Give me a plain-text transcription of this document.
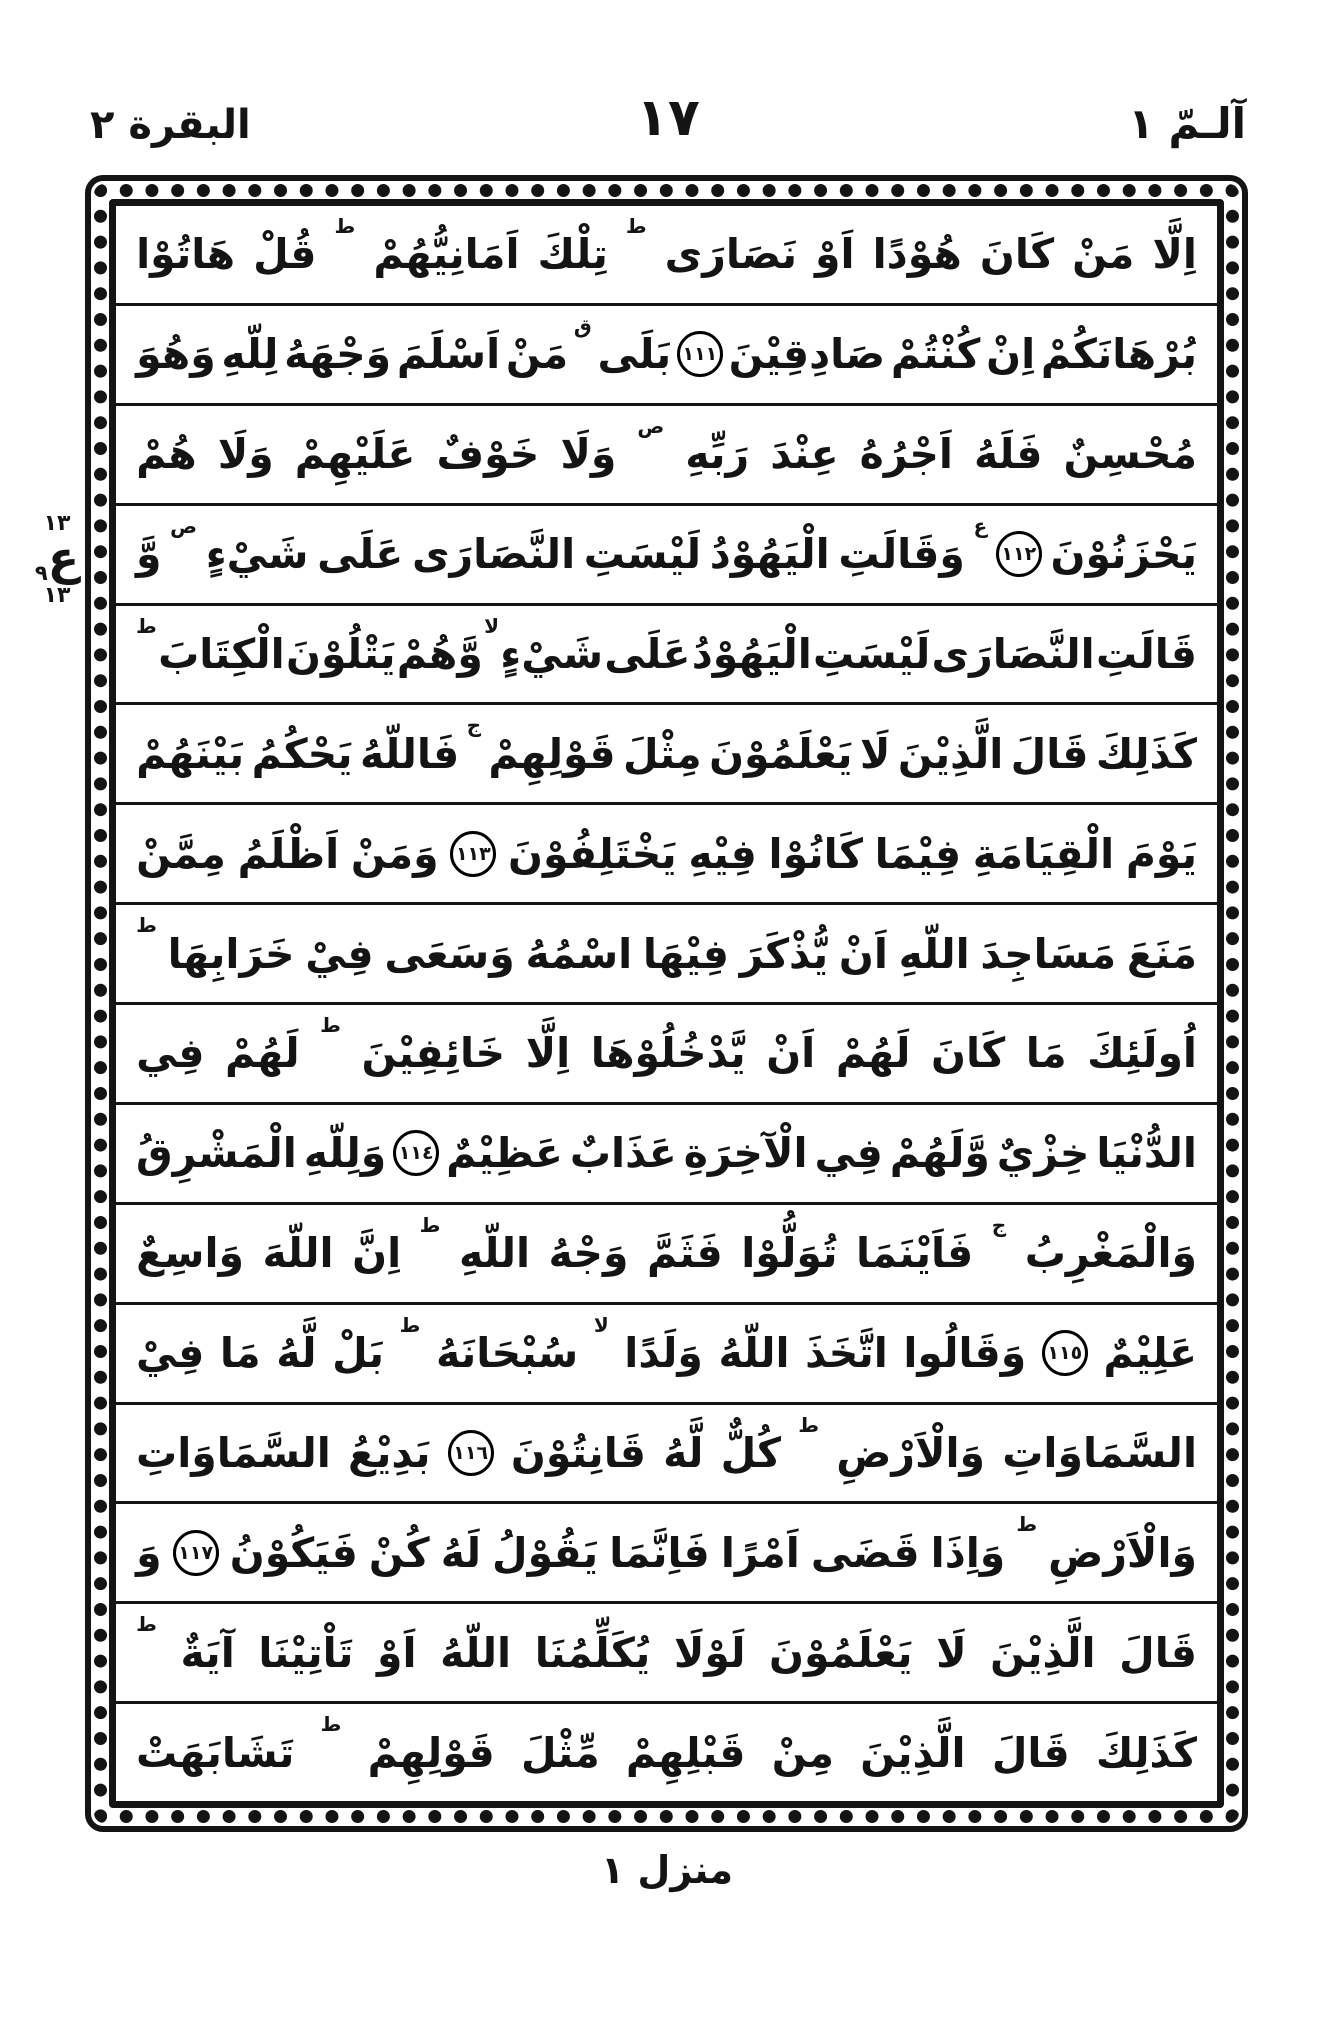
آلـمّ ١
١٧
البقرة ٢
١٣
ع٩
١٣
اِلَّا
مَنْ
كَانَ
هُوْدًا
اَوْ
نَصَارَى
ط
تِلْكَ
اَمَانِيُّهُمْ
ط
قُلْ
هَاتُوْا
بُرْهَانَكُمْ
اِنْ
كُنْتُمْ
صَادِقِيْنَ
١١١
بَلَى
ق
مَنْ
اَسْلَمَ
وَجْهَهُ
لِلّهِ
وَهُوَ
مُحْسِنٌ
فَلَهُ
اَجْرُهُ
عِنْدَ
رَبِّهِ
ص
وَلَا
خَوْفٌ
عَلَيْهِمْ
وَلَا
هُمْ
يَحْزَنُوْنَ
١١٢
ع
وَقَالَتِ
الْيَهُوْدُ
لَيْسَتِ
النَّصَارَى
عَلَى
شَيْءٍ
ص
وَّ
قَالَتِ
النَّصَارَى
لَيْسَتِ
الْيَهُوْدُ
عَلَى
شَيْءٍ
لا
وَّهُمْ
يَتْلُوْنَ
الْكِتَابَ
ط
كَذَلِكَ
قَالَ
الَّذِيْنَ
لَا
يَعْلَمُوْنَ
مِثْلَ
قَوْلِهِمْ
ج
فَاللّهُ
يَحْكُمُ
بَيْنَهُمْ
يَوْمَ
الْقِيَامَةِ
فِيْمَا
كَانُوْا
فِيْهِ
يَخْتَلِفُوْنَ
١١٣
وَمَنْ
اَظْلَمُ
مِمَّنْ
مَنَعَ
مَسَاجِدَ
اللّهِ
اَنْ
يُّذْكَرَ
فِيْهَا
اسْمُهُ
وَسَعَى
فِيْ
خَرَابِهَا
ط
اُولَئِكَ
مَا
كَانَ
لَهُمْ
اَنْ
يَّدْخُلُوْهَا
اِلَّا
خَائِفِيْنَ
ط
لَهُمْ
فِي
الدُّنْيَا
خِزْيٌ
وَّلَهُمْ
فِي
الْآخِرَةِ
عَذَابٌ
عَظِيْمٌ
١١٤
وَلِلّهِ
الْمَشْرِقُ
وَالْمَغْرِبُ
ج
فَاَيْنَمَا
تُوَلُّوْا
فَثَمَّ
وَجْهُ
اللّهِ
ط
اِنَّ
اللّهَ
وَاسِعٌ
عَلِيْمٌ
١١٥
وَقَالُوا
اتَّخَذَ
اللّهُ
وَلَدًا
لا
سُبْحَانَهُ
ط
بَلْ
لَّهُ
مَا
فِيْ
السَّمَاوَاتِ
وَالْاَرْضِ
ط
كُلٌّ
لَّهُ
قَانِتُوْنَ
١١٦
بَدِيْعُ
السَّمَاوَاتِ
وَالْاَرْضِ
ط
وَاِذَا
قَضَى
اَمْرًا
فَاِنَّمَا
يَقُوْلُ
لَهُ
كُنْ
فَيَكُوْنُ
١١٧
وَ
قَالَ
الَّذِيْنَ
لَا
يَعْلَمُوْنَ
لَوْلَا
يُكَلِّمُنَا
اللّهُ
اَوْ
تَاْتِيْنَا
آيَةٌ
ط
كَذَلِكَ
قَالَ
الَّذِيْنَ
مِنْ
قَبْلِهِمْ
مِّثْلَ
قَوْلِهِمْ
ط
تَشَابَهَتْ
منزل ١
